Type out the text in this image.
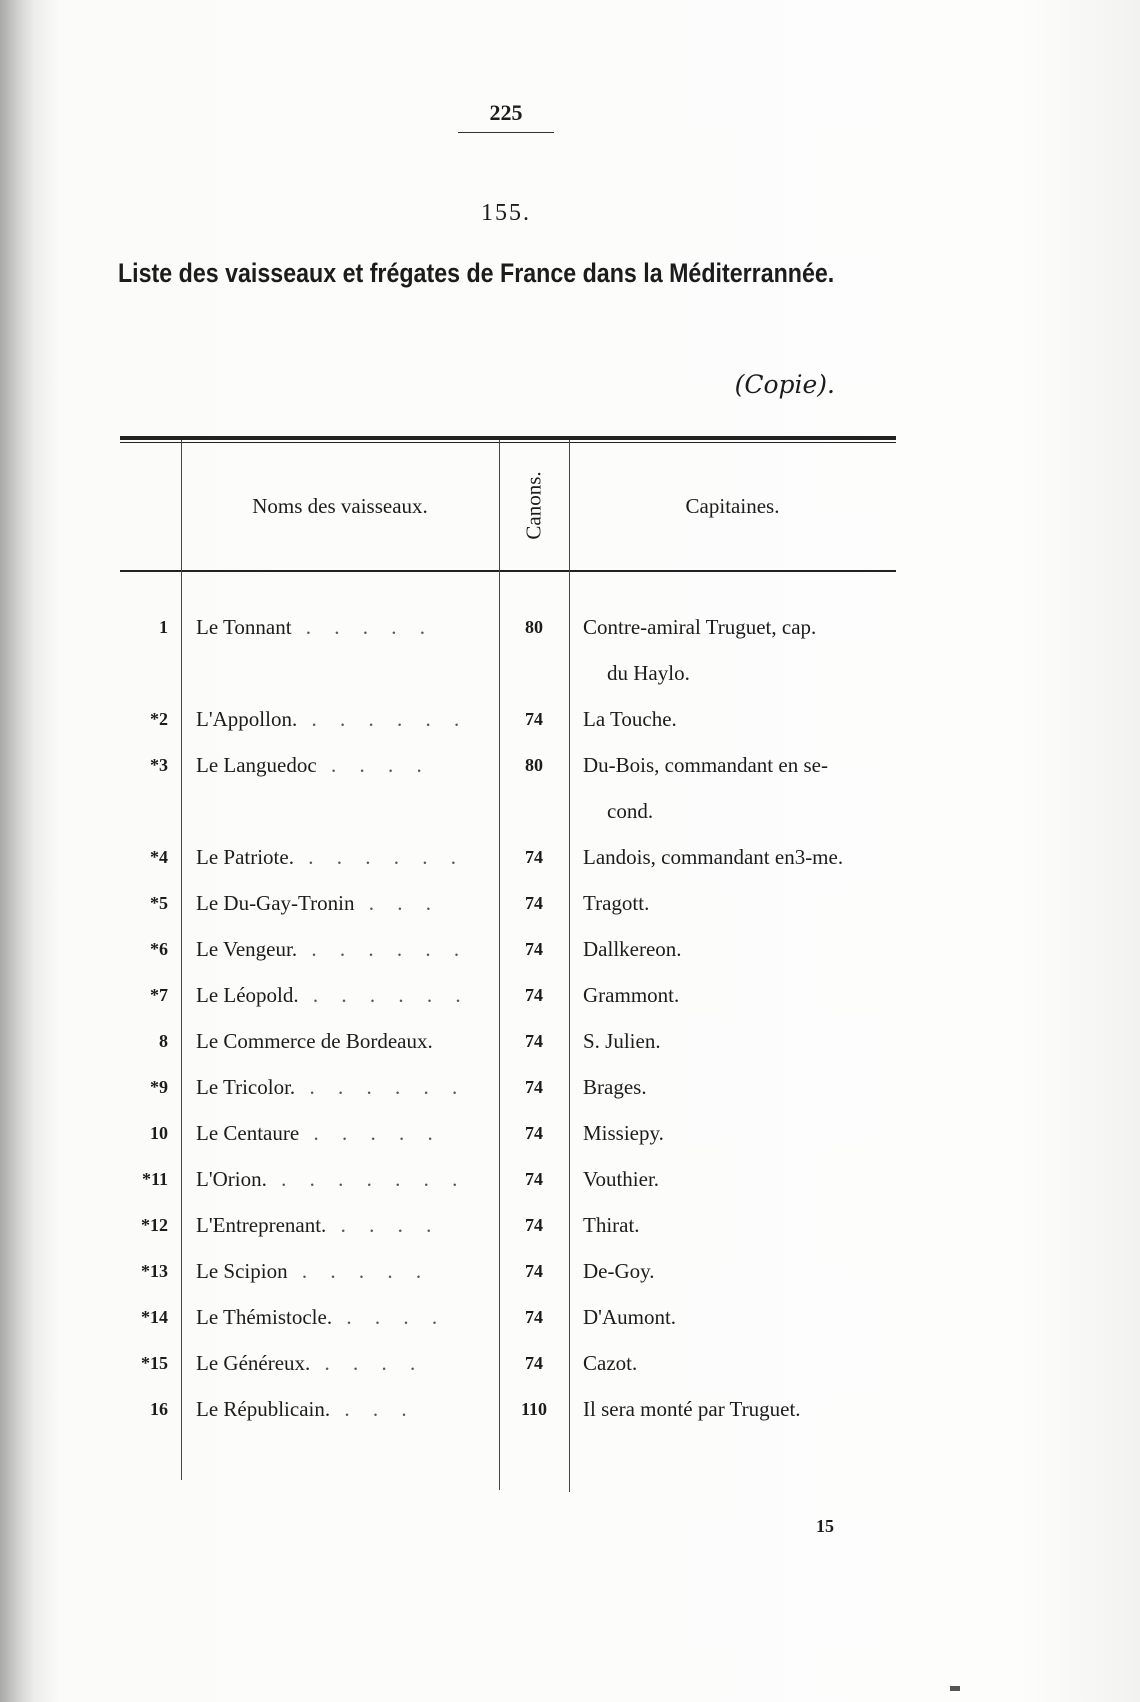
225
155.
Liste des vaisseaux et frégates de France dans la Méditerrannée.
(Copie).
Noms des vaisseaux.	Canons.	Capitaines.
1 Le Tonnant . . . . .	80	Contre-amiral Truguet, cap.
du Haylo.
*2 L'Appollon. . . . . . .	74	La Touche.
*3 Le Languedoc . . . .	80	Du-Bois, commandant en se-
cond.
*4 Le Patriote. . . . . . .	74	Landois, commandant en3-me.
*5 Le Du-Gay-Tronin . . .	74	Tragott.
*6 Le Vengeur. . . . . . .	74	Dallkereon.
*7 Le Léopold. . . . . . .	74	Grammont.
8 Le Commerce de Bordeaux.	74	S. Julien.
*9 Le Tricolor. . . . . . .	74	Brages.
10 Le Centaure . . . . .	74	Missiepy.
*11 L'Orion. . . . . . . .	74	Vouthier.
*12 L'Entreprenant. . . . .	74	Thirat.
*13 Le Scipion . . . . .	74	De-Goy.
*14 Le Thémistocle. . . . .	74	D'Aumont.
*15 Le Généreux. . . . .	74	Cazot.
16 Le Républicain. . . .	110	Il sera monté par Truguet.
15
